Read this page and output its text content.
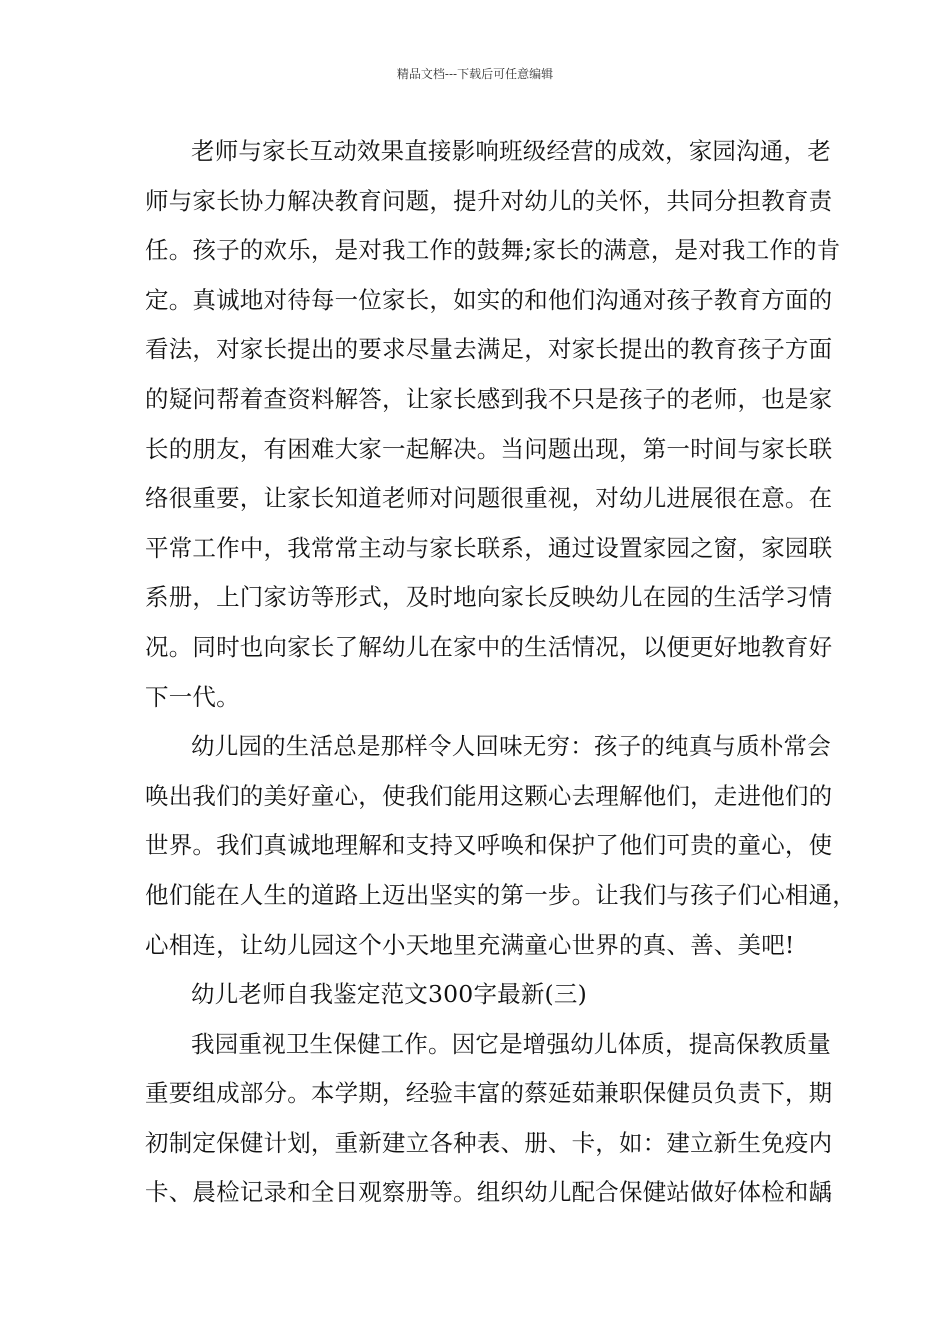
精品文档---下载后可任意编辑
老师与家长互动效果直接影响班级经营的成效，家园沟通，老
师与家长协力解决教育问题，提升对幼儿的关怀，共同分担教育责
任。孩子的欢乐，是对我工作的鼓舞;家长的满意，是对我工作的肯
定。真诚地对待每一位家长，如实的和他们沟通对孩子教育方面的
看法，对家长提出的要求尽量去满足，对家长提出的教育孩子方面
的疑问帮着查资料解答，让家长感到我不只是孩子的老师，也是家
长的朋友，有困难大家一起解决。当问题出现，第一时间与家长联
络很重要，让家长知道老师对问题很重视，对幼儿进展很在意。在
平常工作中，我常常主动与家长联系，通过设置家园之窗，家园联
系册，上门家访等形式，及时地向家长反映幼儿在园的生活学习情
况。同时也向家长了解幼儿在家中的生活情况，以便更好地教育好
下一代。
幼儿园的生活总是那样令人回味无穷：孩子的纯真与质朴常会
唤出我们的美好童心，使我们能用这颗心去理解他们，走进他们的
世界。我们真诚地理解和支持又呼唤和保护了他们可贵的童心，使
他们能在人生的道路上迈出坚实的第一步。让我们与孩子们心相通，
心相连，让幼儿园这个小天地里充满童心世界的真、善、美吧!
幼儿老师自我鉴定范文300字最新(三)
我园重视卫生保健工作。因它是增强幼儿体质，提高保教质量
重要组成部分。本学期，经验丰富的蔡延茹兼职保健员负责下，期
初制定保健计划，重新建立各种表、册、卡，如：建立新生免疫内
卡、晨检记录和全日观察册等。组织幼儿配合保健站做好体检和龋
